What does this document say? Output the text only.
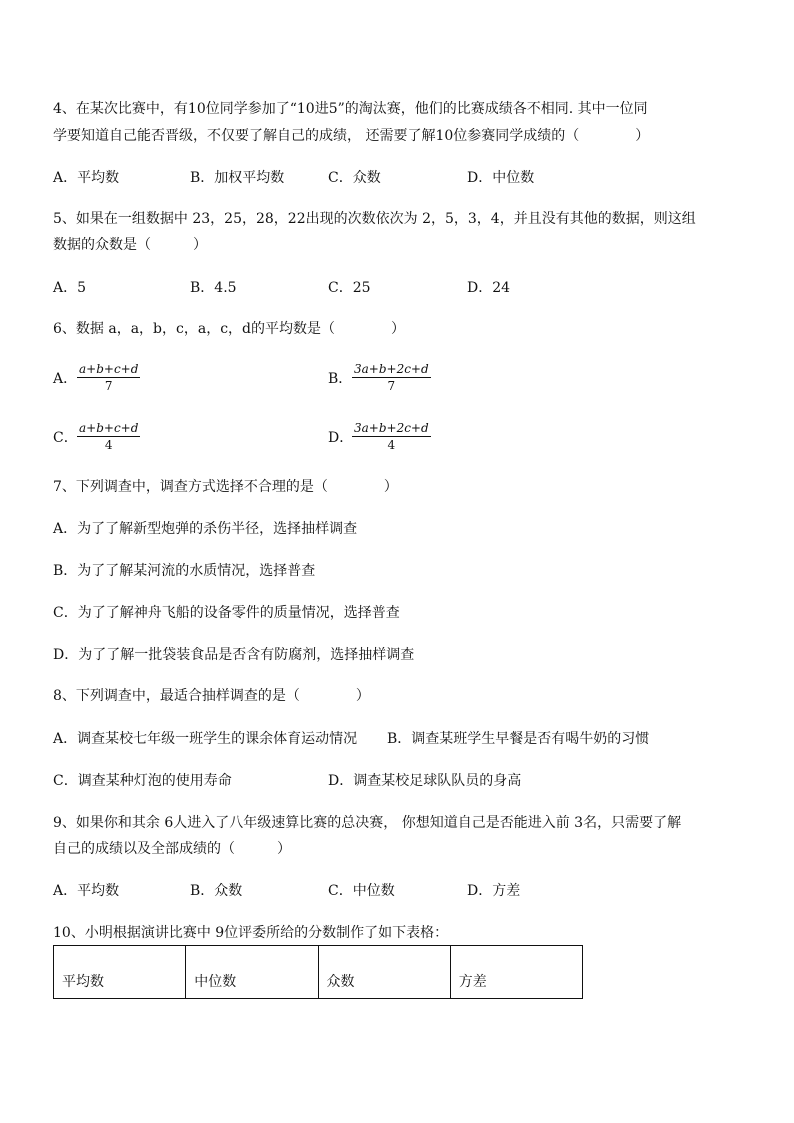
4、在某次比赛中，有10位同学参加了“10进5”的淘汰赛，他们的比赛成绩各不相同. 其中一位同
学要知道自己能否晋级，不仅要了解自己的成绩， 还需要了解10位参赛同学成绩的（　　　　）
A．平均数	B．加权平均数	C．众数	D．中位数
5、如果在一组数据中 23，25，28，22出现的次数依次为 2，5，3，4，并且没有其他的数据，则这组
数据的众数是（　　　）
A．5	B．4.5	C．25	D．24
6、数据 a，a，b，c，a，c，d的平均数是（　　　　）
A． $\frac{a+b+c+d}{7}$	B． $\frac{3a+b+2c+d}{7}$
C． $\frac{a+b+c+d}{4}$	D．
$\frac{3a+b+2c+d}{4}$
7、下列调查中，调查方式选择不合理的是（　　　　）
A．为了了解新型炮弹的杀伤半径，选择抽样调查
B．为了了解某河流的水质情况，选择普查
C．为了了解神舟飞船的设备零件的质量情况，选择普查
D．为了了解一批袋装食品是否含有防腐剂，选择抽样调查
8、下列调查中，最适合抽样调查的是（　　　　）
A．调查某校七年级一班学生的课余体育运动情况 B．调查某班学生早餐是否有喝牛奶的习惯
C．调查某种灯泡的使用寿命	D．调查某校足球队队员的身高
9、如果你和其余 6人进入了八年级速算比赛的总决赛， 你想知道自己是否能进入前 3名，只需要了解
自己的成绩以及全部成绩的（　　　）
A．平均数	B．众数	C．中位数	D．方差
10、小明根据演讲比赛中 9位评委所给的分数制作了如下表格：
平均数	中位数	众数	方差
